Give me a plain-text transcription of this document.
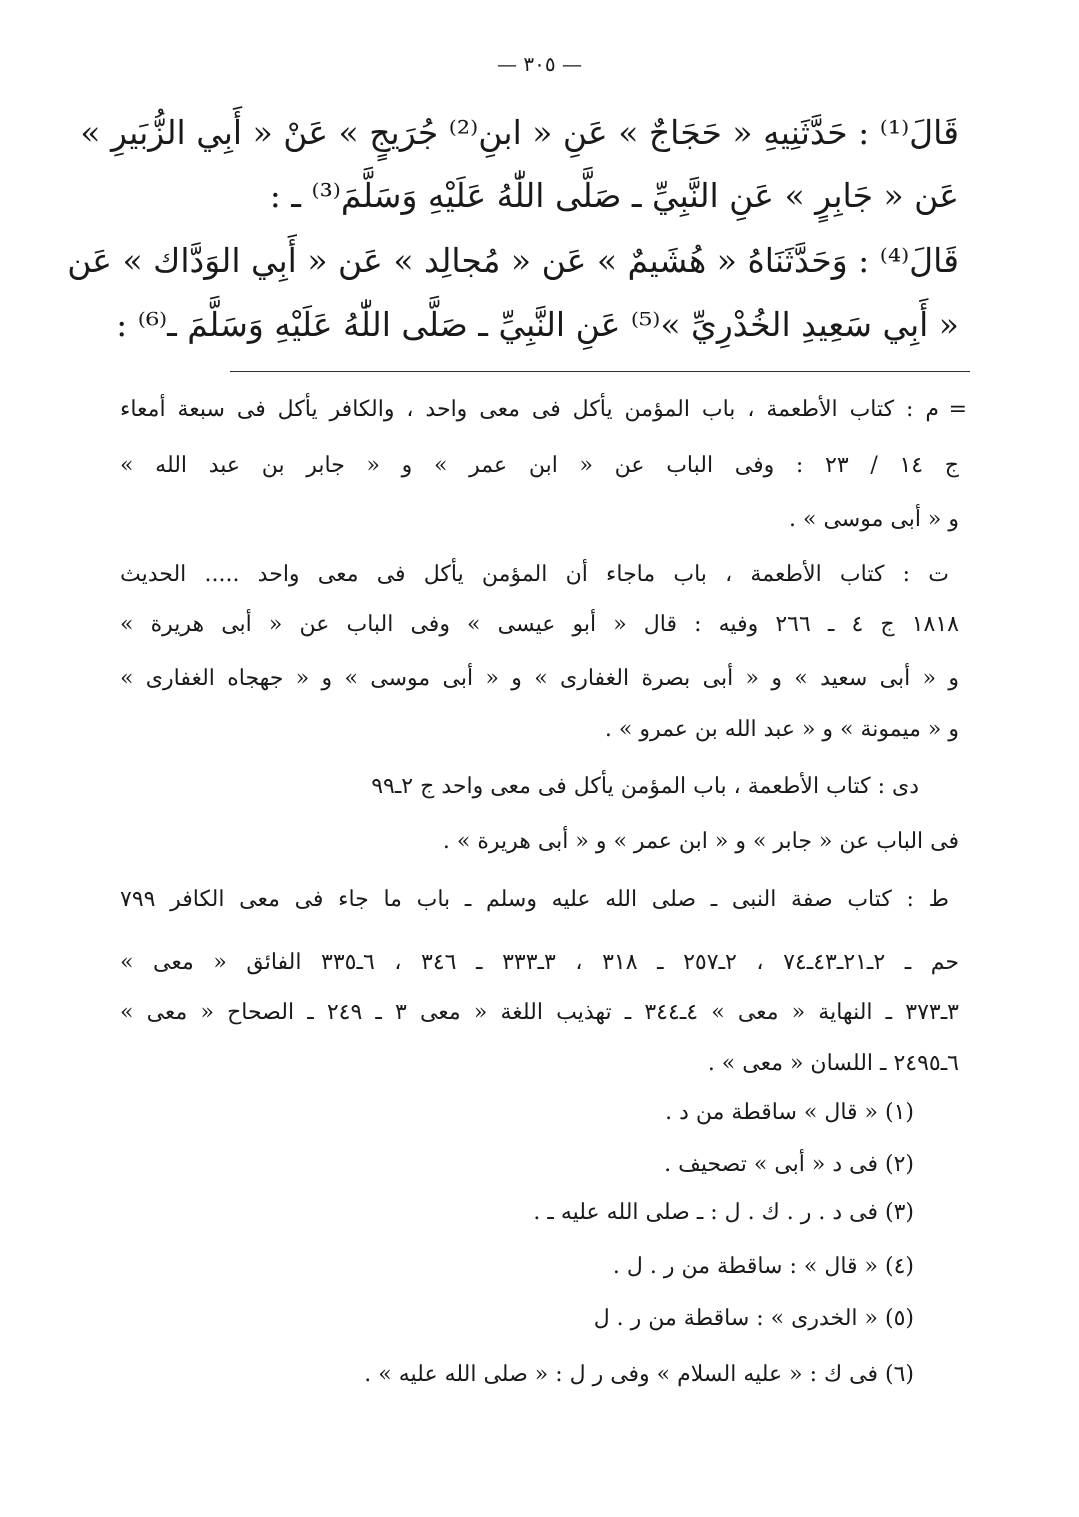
— ٣٠٥ —
قَالَ⁽¹⁾ : حَدَّثَنِيهِ « حَجَاجٌ » عَنِ « ابنِ⁽²⁾ جُرَيجٍ » عَنْ « أَبِي الزُّبَيرِ »
عَن « جَابِرٍ » عَنِ النَّبِيِّ ـ صَلَّى اللّٰهُ عَلَيْهِ وَسَلَّمَ⁽³⁾ ـ :
قَالَ⁽⁴⁾ : وَحَدَّثَنَاهُ « هُشَيمٌ » عَن « مُجالِد » عَن « أَبِي الوَدَّاك » عَن
« أَبِي سَعِيدِ الخُدْرِيِّ »⁽⁵⁾ عَنِ النَّبِيِّ ـ صَلَّى اللّٰهُ عَلَيْهِ وَسَلَّمَ ـ⁽⁶⁾ :
=
م : كتاب الأطعمة ، باب المؤمن يأكل فى معى واحد ، والكافر يأكل فى سبعة أمعاء
ج ١٤ / ٢٣ : وفى الباب عن « ابن عمر » و « جابر بن عبد الله »
و « أبى موسى » .
ت : كتاب الأطعمة ، باب ماجاء أن المؤمن يأكل فى معى واحد ..... الحديث
١٨١٨ ج ٤ ـ ٢٦٦ وفيه : قال « أبو عيسى » وفى الباب عن « أبى هريرة »
و « أبى سعيد » و « أبى بصرة الغفارى » و « أبى موسى » و « جهجاه الغفارى »
و « ميمونة » و « عبد الله بن عمرو » .
دى : كتاب الأطعمة ، باب المؤمن يأكل فى معى واحد ج ٢ـ٩٩
فى الباب عن « جابر » و « ابن عمر » و « أبى هريرة » .
ط : كتاب صفة النبى ـ صلى الله عليه وسلم ـ باب ما جاء فى معى الكافر ٧٩٩
حم ـ ٢ـ٢١ـ٤٣ـ٧٤ ، ٢ـ٢٥٧ ـ ٣١٨ ، ٣ـ٣٣٣ ـ ٣٤٦ ، ٦ـ٣٣٥ الفائق « معى »
٣ـ٣٧٣ ـ النهاية « معى » ٤ـ٣٤٤ ـ تهذيب اللغة « معى ٣ ـ ٢٤٩ ـ الصحاح « معى »
٦ـ٢٤٩٥ ـ اللسان « معى » .
(١) « قال » ساقطة من د .
(٢) فى د « أبى » تصحيف .
(٣) فى د . ر . ك . ل : ـ صلى الله عليه ـ .
(٤) « قال » : ساقطة من ر . ل .
(٥) « الخدرى » : ساقطة من ر . ل
(٦) فى ك : « عليه السلام » وفى ر ل : « صلى الله عليه » .
